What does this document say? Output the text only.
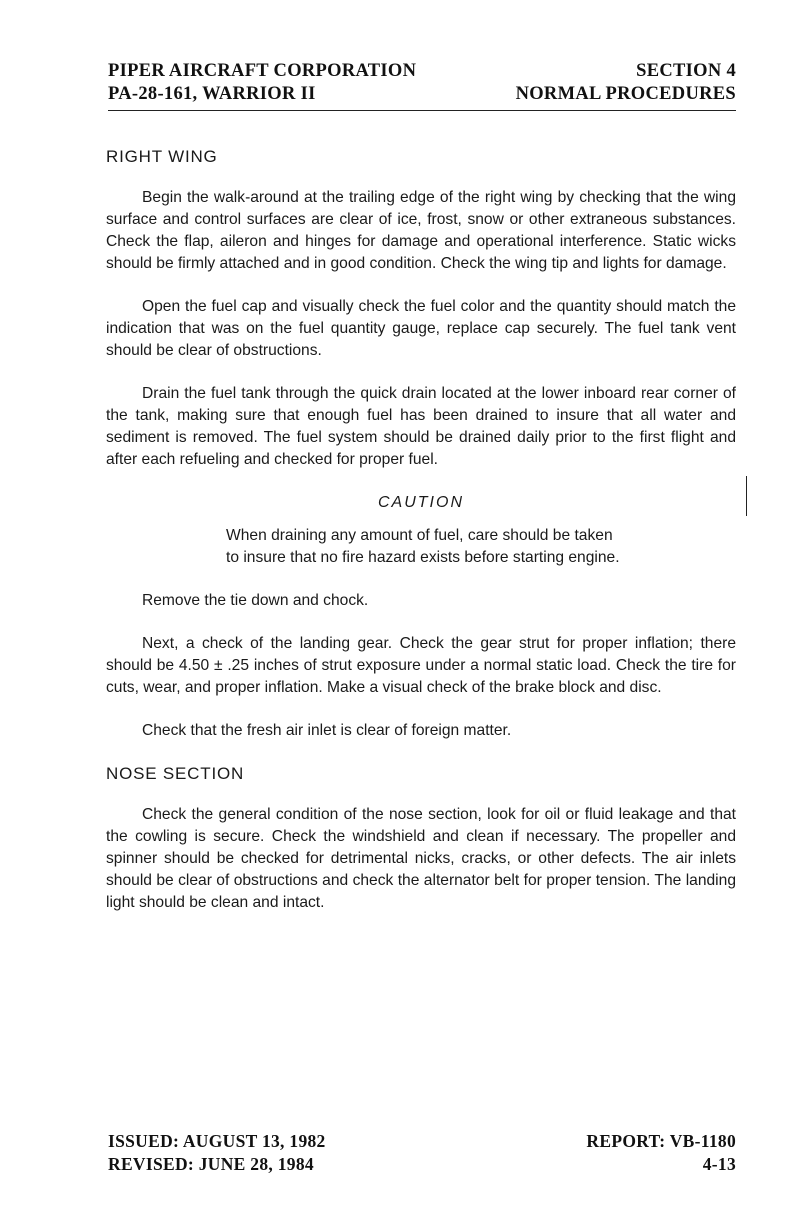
PIPER AIRCRAFT CORPORATION	SECTION 4
PA-28-161, WARRIOR II	NORMAL PROCEDURES
RIGHT WING

Begin the walk-around at the trailing edge of the right wing by checking that the wing surface and control surfaces are clear of ice, frost, snow or other extraneous substances. Check the flap, aileron and hinges for damage and operational interference. Static wicks should be firmly attached and in good condition. Check the wing tip and lights for damage.

Open the fuel cap and visually check the fuel color and the quantity should match the indication that was on the fuel quantity gauge, replace cap securely. The fuel tank vent should be clear of obstructions.

Drain the fuel tank through the quick drain located at the lower inboard rear corner of the tank, making sure that enough fuel has been drained to insure that all water and sediment is removed. The fuel system should be drained daily prior to the first flight and after each refueling and checked for proper fuel.

CAUTION
When draining any amount of fuel, care should be taken to insure that no fire hazard exists before starting engine.

Remove the tie down and chock.

Next, a check of the landing gear. Check the gear strut for proper inflation; there should be 4.50 ± .25 inches of strut exposure under a normal static load. Check the tire for cuts, wear, and proper inflation. Make a visual check of the brake block and disc.

Check that the fresh air inlet is clear of foreign matter.

NOSE SECTION

Check the general condition of the nose section, look for oil or fluid leakage and that the cowling is secure. Check the windshield and clean if necessary. The propeller and spinner should be checked for detrimental nicks, cracks, or other defects. The air inlets should be clear of obstructions and check the alternator belt for proper tension. The landing light should be clean and intact.

ISSUED: AUGUST 13, 1982	REPORT: VB-1180
REVISED: JUNE 28, 1984	4-13
